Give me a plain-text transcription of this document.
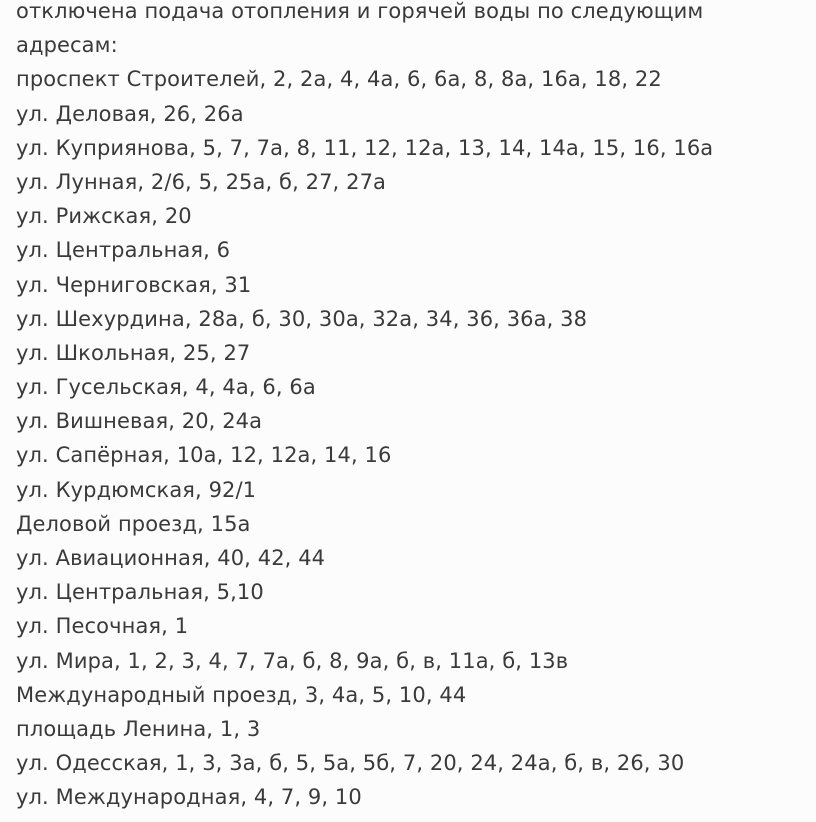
отключена подача отопления и горячей воды по следующим адресам:

проспект Строителей, 2, 2а, 4, 4а, 6, 6а, 8, 8а, 16а, 18, 22
ул. Деловая, 26, 26а
ул. Куприянова, 5, 7, 7а, 8, 11, 12, 12а, 13, 14, 14а, 15, 16, 16а
ул. Лунная, 2/6, 5, 25а, б, 27, 27а
ул. Рижская, 20
ул. Центральная, 6
ул. Черниговская, 31
ул. Шехурдина, 28а, б, 30, 30а, 32а, 34, 36, 36а, 38
ул. Школьная, 25, 27
ул. Гусельская, 4, 4а, 6, 6а
ул. Вишневая, 20, 24а
ул. Сапёрная, 10а, 12, 12а, 14, 16
ул. Курдюмская, 92/1
Деловой проезд, 15а
ул. Авиационная, 40, 42, 44
ул. Центральная, 5,10
ул. Песочная, 1
ул. Мира, 1, 2, 3, 4, 7, 7а, б, 8, 9а, б, в, 11а, б, 13в
Международный проезд, 3, 4а, 5, 10, 44
площадь Ленина, 1, 3
ул. Одесская, 1, 3, 3а, б, 5, 5а, 5б, 7, 20, 24, 24а, б, в, 26, 30
ул. Международная, 4, 7, 9, 10
